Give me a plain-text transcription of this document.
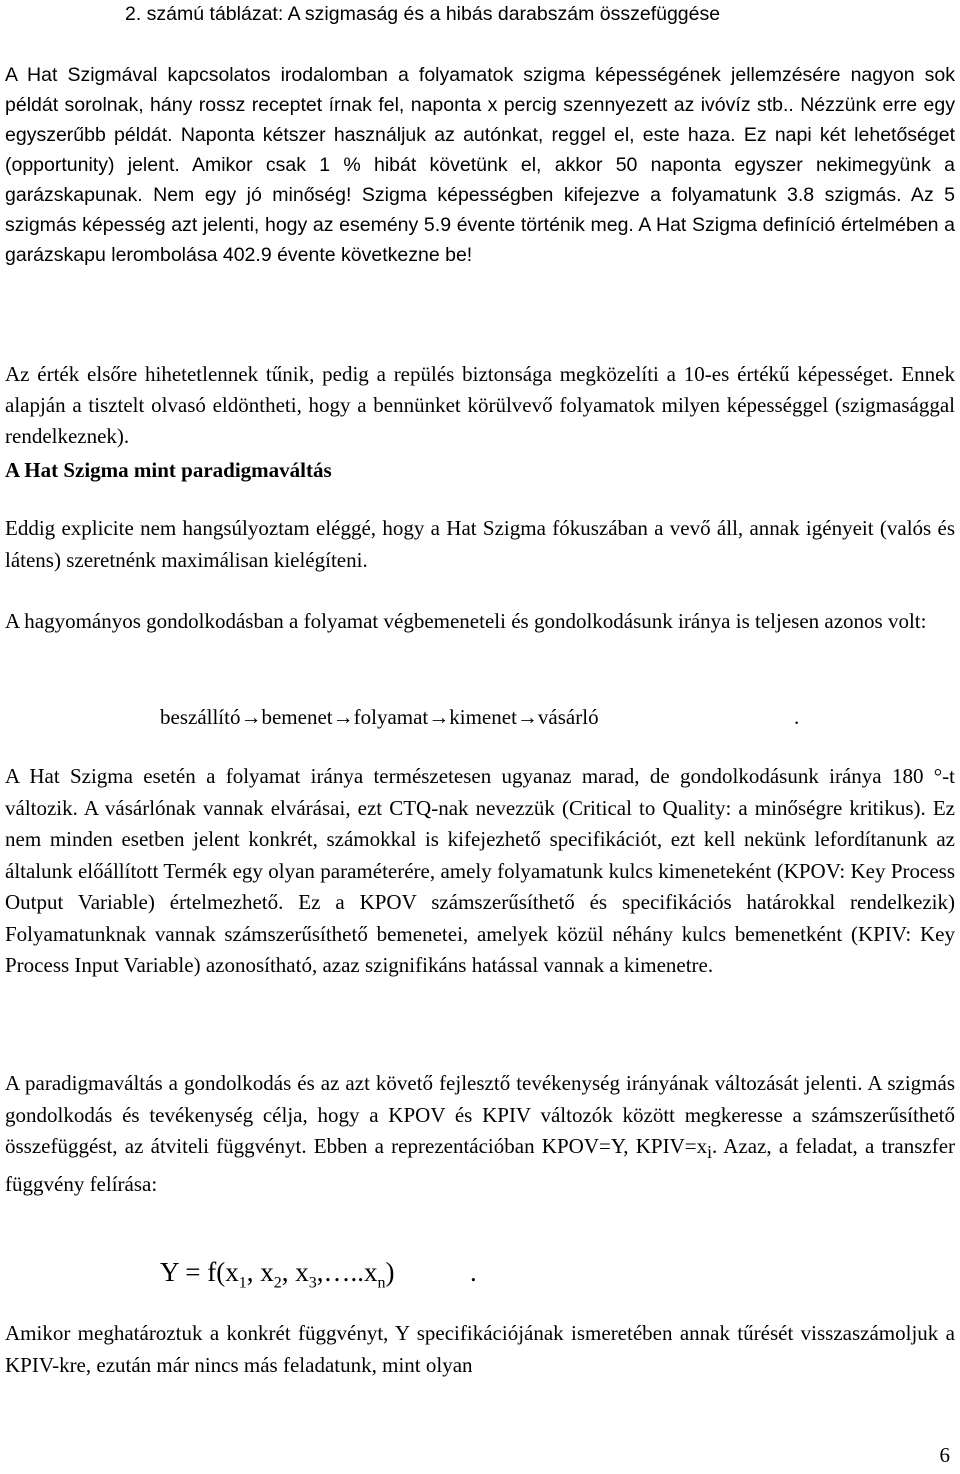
2. számú táblázat: A szigmaság és a hibás darabszám összefüggése

A Hat Szigmával kapcsolatos irodalomban a folyamatok szigma képességének jellemzésére nagyon sok példát sorolnak, hány rossz receptet írnak fel, naponta x percig szennyezett az ivóvíz stb.. Nézzünk erre egy egyszerűbb példát. Naponta kétszer használjuk az autónkat, reggel el, este haza. Ez napi két lehetőséget (opportunity) jelent. Amikor csak 1 % hibát követünk el, akkor 50 naponta egyszer nekimegyünk a garázskapunak. Nem egy jó minőség! Szigma képességben kifejezve a folyamatunk 3.8 szigmás. Az 5 szigmás képesség azt jelenti, hogy az esemény 5.9 évente történik meg. A Hat Szigma definíció értelmében a garázskapu lerombolása 402.9 évente következne be!

Az érték elsőre hihetetlennek tűnik, pedig a repülés biztonsága megközelíti a 10-es értékű képességet. Ennek alapján a tisztelt olvasó eldöntheti, hogy a bennünket körülvevő folyamatok milyen képességgel (szigmasággal rendelkeznek).

A Hat Szigma mint paradigmaváltás

Eddig explicite nem hangsúlyoztam eléggé, hogy a Hat Szigma fókuszában a vevő áll, annak igényeit (valós és látens) szeretnénk maximálisan kielégíteni.

A hagyományos gondolkodásban a folyamat végbemeneteli és gondolkodásunk iránya is teljesen azonos volt:

beszállító→bemenet→folyamat→kimenet→vásárló	.

A Hat Szigma esetén a folyamat iránya természetesen ugyanaz marad, de gondolkodásunk iránya 180 °-t változik. A vásárlónak vannak elvárásai, ezt CTQ-nak nevezzük (Critical to Quality: a minőségre kritikus). Ez nem minden esetben jelent konkrét, számokkal is kifejezhető specifikációt, ezt kell nekünk lefordítanunk az általunk előállított Termék egy olyan paraméterére, amely folyamatunk kulcs kimeneteként (KPOV: Key Process Output Variable) értelmezhető. Ez a KPOV számszerűsíthető és specifikációs határokkal rendelkezik) Folyamatunknak vannak számszerűsíthető bemenetei, amelyek közül néhány kulcs bemenetként (KPIV: Key Process Input Variable) azonosítható, azaz szignifikáns hatással vannak a kimenetre.

A paradigmaváltás a gondolkodás és az azt követő fejlesztő tevékenység irányának változását jelenti. A szigmás gondolkodás és tevékenység célja, hogy a KPOV és KPIV változók között megkeresse a számszerűsíthető összefüggést, az átviteli függvényt. Ebben a reprezentációban KPOV=Y, $KPIV=x_i$. Azaz, a feladat, a transzfer függvény felírása:

$Y = f(x_1$, $x_2$, $x_3,\dots..x_n$)	.

Amikor meghatároztuk a konkrét függvényt, Y specifikációjának ismeretében annak tűrését visszaszámoljuk a KPIV-kre, ezután már nincs más feladatunk, mint olyan

6
